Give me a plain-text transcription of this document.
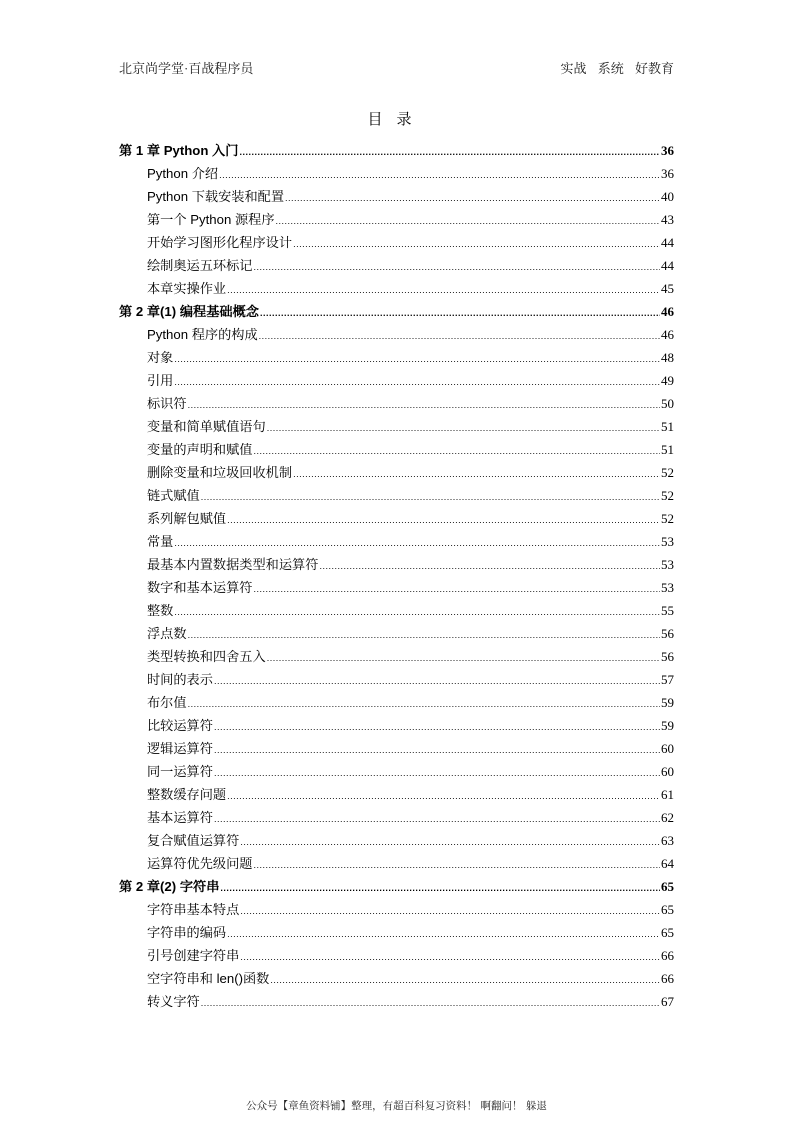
北京尚学堂·百战程序员	实战 系统 好教育
目录
第 1 章 Python 入门 .....	36
Python 介绍 .....	36
Python 下载安装和配置 .....	40
第一个 Python 源程序 .....	43
开始学习图形化程序设计 .....	44
绘制奥运五环标记 .....	44
本章实操作业 .....	45
第 2 章(1) 编程基础概念 .....	46
Python 程序的构成 .....	46
对象 .....	48
引用 .....	49
标识符 .....	50
变量和简单赋值语句 .....	51
变量的声明和赋值 .....	51
删除变量和垃圾回收机制 .....	52
链式赋值 .....	52
系列解包赋值 .....	52
常量 .....	53
最基本内置数据类型和运算符 .....	53
数字和基本运算符 .....	53
整数 .....	55
浮点数 .....	56
类型转换和四舍五入 .....	56
时间的表示 .....	57
布尔值 .....	59
比较运算符 .....	59
逻辑运算符 .....	60
同一运算符 .....	60
整数缓存问题 .....	61
基本运算符 .....	62
复合赋值运算符 .....	63
运算符优先级问题 .....	64
第 2 章(2) 字符串 .....	65
字符串基本特点 .....	65
字符串的编码 .....	65
引号创建字符串 .....	66
空字符串和 len()函数 .....	66
转义字符 .....	67
公众号【章鱼资料铺】整理，有超百科复习资料！ 啊翻问！ 躲退
